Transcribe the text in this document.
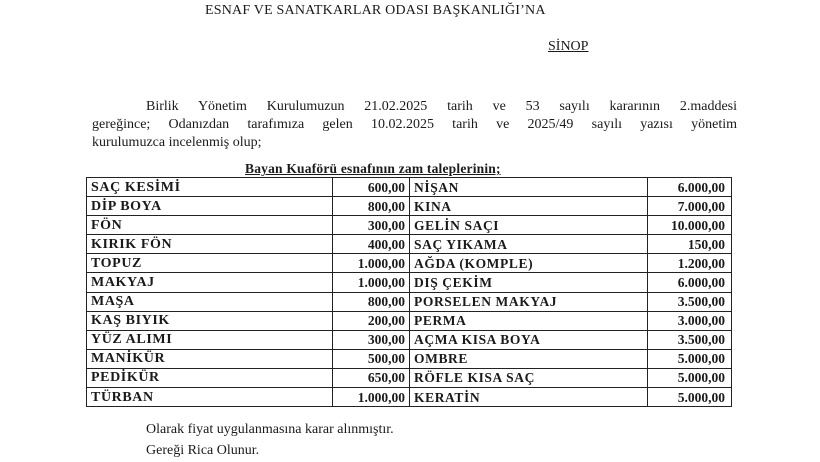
ESNAF VE SANATKARLAR ODASI BAŞKANLIĞI’NA
SİNOP
Birlik Yönetim Kurulumuzun 21.02.2025 tarih ve 53 sayılı kararının 2.maddesi
gereğince; Odanızdan tarafımıza gelen 10.02.2025 tarih ve 2025/49 sayılı yazısı yönetim
kurulumuzca incelenmiş olup;
Bayan Kuaförü esnafının zam taleplerinin;
SAÇ KESİMİ	600,00	NİŞAN	6.000,00
DİP BOYA	800,00	KINA	7.000,00
FÖN	300,00	GELİN SAÇI	10.000,00
KIRIK FÖN	400,00	SAÇ YIKAMA	150,00
TOPUZ	1.000,00	AĞDA (KOMPLE)	1.200,00
MAKYAJ	1.000,00	DIŞ ÇEKİM	6.000,00
MAŞA	800,00	PORSELEN MAKYAJ	3.500,00
KAŞ BIYIK	200,00	PERMA	3.000,00
YÜZ ALIMI	300,00	AÇMA KISA BOYA	3.500,00
MANİKÜR	500,00	OMBRE	5.000,00
PEDİKÜR	650,00	RÖFLE KISA SAÇ	5.000,00
TÜRBAN	1.000,00	KERATİN	5.000,00
Olarak fiyat uygulanmasına karar alınmıştır.
Gereği Rica Olunur.
